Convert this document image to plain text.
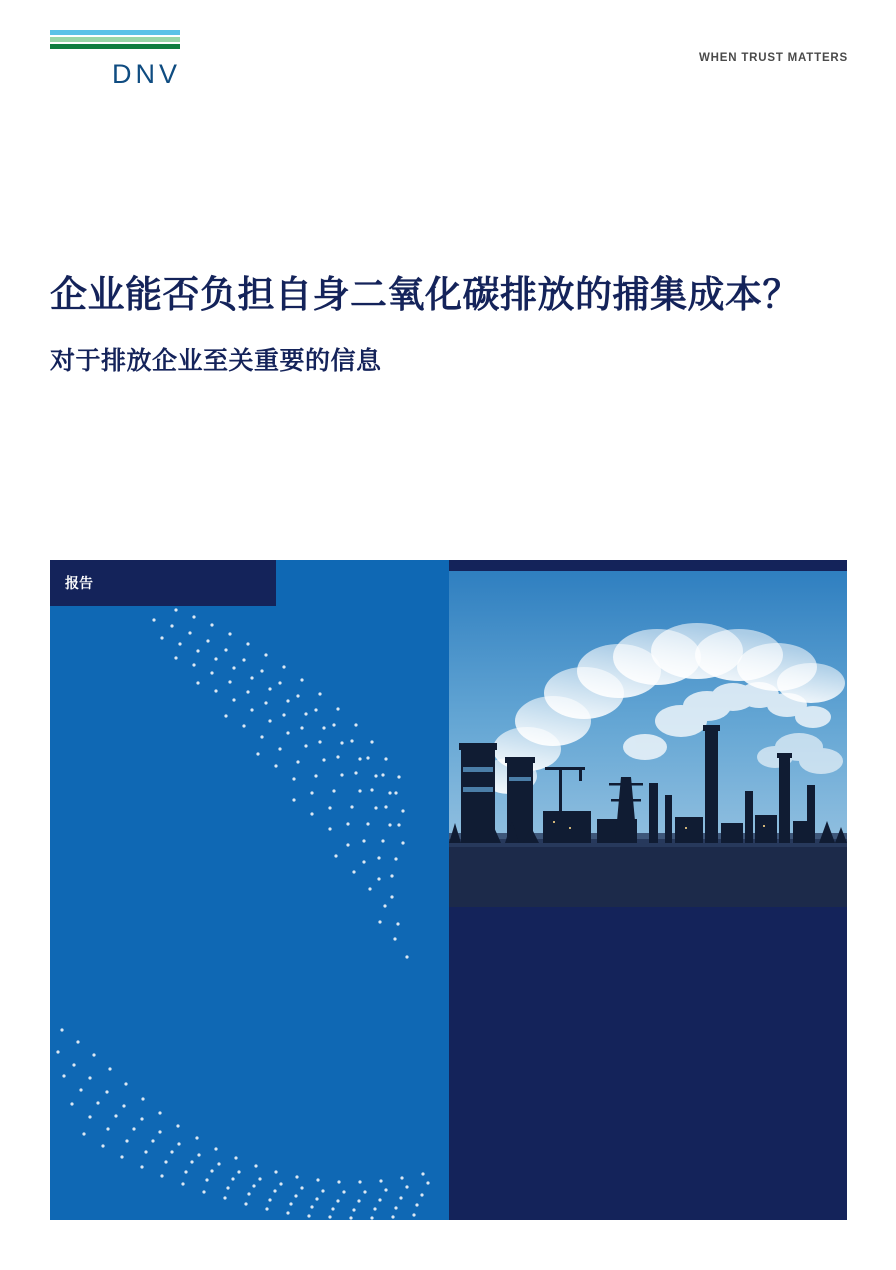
DNV
WHEN TRUST MATTERS
企业能否负担自身二氧化碳排放的捕集成本？
对于排放企业至关重要的信息
报告
